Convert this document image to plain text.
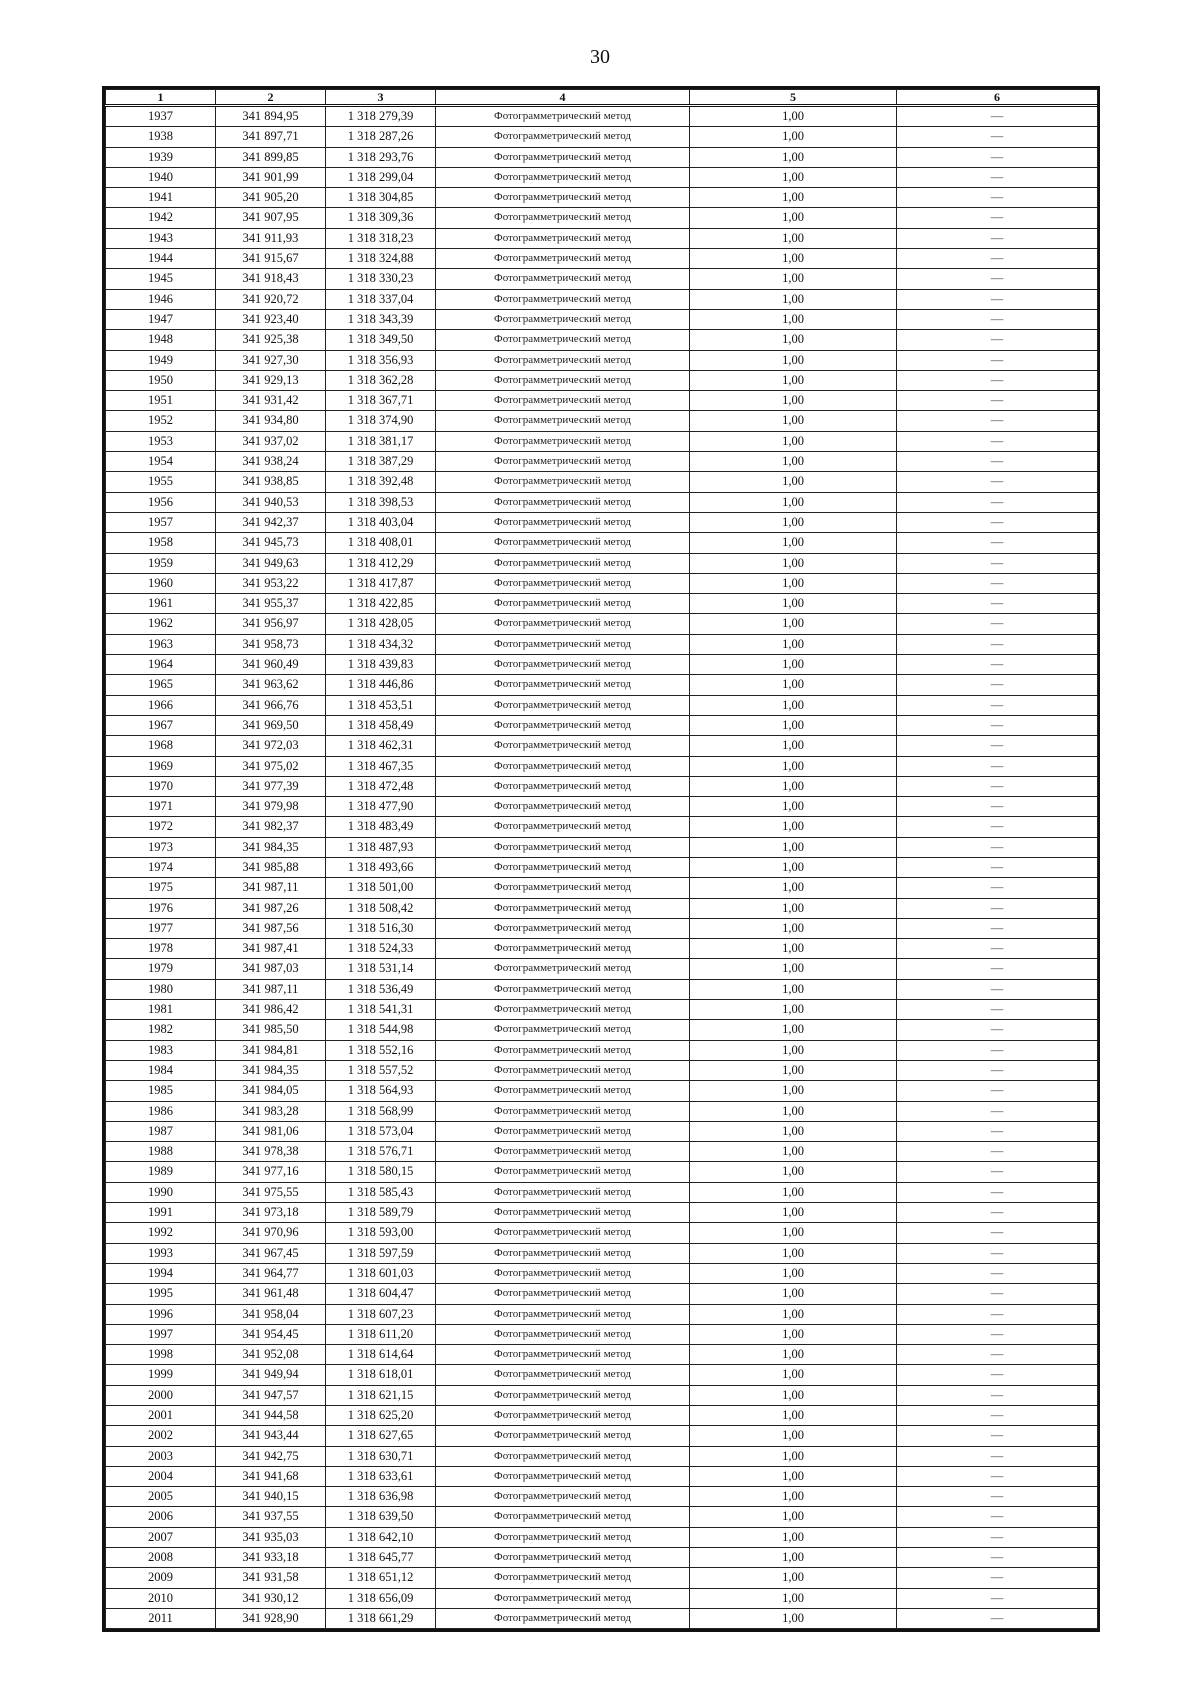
30
1	2	3	4	5	6
1937	341 894,95	1 318 279,39	Фотограмметрический метод	1,00	—
1938	341 897,71	1 318 287,26	Фотограмметрический метод	1,00	—
1939	341 899,85	1 318 293,76	Фотограмметрический метод	1,00	—
1940	341 901,99	1 318 299,04	Фотограмметрический метод	1,00	—
1941	341 905,20	1 318 304,85	Фотограмметрический метод	1,00	—
1942	341 907,95	1 318 309,36	Фотограмметрический метод	1,00	—
1943	341 911,93	1 318 318,23	Фотограмметрический метод	1,00	—
1944	341 915,67	1 318 324,88	Фотограмметрический метод	1,00	—
1945	341 918,43	1 318 330,23	Фотограмметрический метод	1,00	—
1946	341 920,72	1 318 337,04	Фотограмметрический метод	1,00	—
1947	341 923,40	1 318 343,39	Фотограмметрический метод	1,00	—
1948	341 925,38	1 318 349,50	Фотограмметрический метод	1,00	—
1949	341 927,30	1 318 356,93	Фотограмметрический метод	1,00	—
1950	341 929,13	1 318 362,28	Фотограмметрический метод	1,00	—
1951	341 931,42	1 318 367,71	Фотограмметрический метод	1,00	—
1952	341 934,80	1 318 374,90	Фотограмметрический метод	1,00	—
1953	341 937,02	1 318 381,17	Фотограмметрический метод	1,00	—
1954	341 938,24	1 318 387,29	Фотограмметрический метод	1,00	—
1955	341 938,85	1 318 392,48	Фотограмметрический метод	1,00	—
1956	341 940,53	1 318 398,53	Фотограмметрический метод	1,00	—
1957	341 942,37	1 318 403,04	Фотограмметрический метод	1,00	—
1958	341 945,73	1 318 408,01	Фотограмметрический метод	1,00	—
1959	341 949,63	1 318 412,29	Фотограмметрический метод	1,00	—
1960	341 953,22	1 318 417,87	Фотограмметрический метод	1,00	—
1961	341 955,37	1 318 422,85	Фотограмметрический метод	1,00	—
1962	341 956,97	1 318 428,05	Фотограмметрический метод	1,00	—
1963	341 958,73	1 318 434,32	Фотограмметрический метод	1,00	—
1964	341 960,49	1 318 439,83	Фотограмметрический метод	1,00	—
1965	341 963,62	1 318 446,86	Фотограмметрический метод	1,00	—
1966	341 966,76	1 318 453,51	Фотограмметрический метод	1,00	—
1967	341 969,50	1 318 458,49	Фотограмметрический метод	1,00	—
1968	341 972,03	1 318 462,31	Фотограмметрический метод	1,00	—
1969	341 975,02	1 318 467,35	Фотограмметрический метод	1,00	—
1970	341 977,39	1 318 472,48	Фотограмметрический метод	1,00	—
1971	341 979,98	1 318 477,90	Фотограмметрический метод	1,00	—
1972	341 982,37	1 318 483,49	Фотограмметрический метод	1,00	—
1973	341 984,35	1 318 487,93	Фотограмметрический метод	1,00	—
1974	341 985,88	1 318 493,66	Фотограмметрический метод	1,00	—
1975	341 987,11	1 318 501,00	Фотограмметрический метод	1,00	—
1976	341 987,26	1 318 508,42	Фотограмметрический метод	1,00	—
1977	341 987,56	1 318 516,30	Фотограмметрический метод	1,00	—
1978	341 987,41	1 318 524,33	Фотограмметрический метод	1,00	—
1979	341 987,03	1 318 531,14	Фотограмметрический метод	1,00	—
1980	341 987,11	1 318 536,49	Фотограмметрический метод	1,00	—
1981	341 986,42	1 318 541,31	Фотограмметрический метод	1,00	—
1982	341 985,50	1 318 544,98	Фотограмметрический метод	1,00	—
1983	341 984,81	1 318 552,16	Фотограмметрический метод	1,00	—
1984	341 984,35	1 318 557,52	Фотограмметрический метод	1,00	—
1985	341 984,05	1 318 564,93	Фотограмметрический метод	1,00	—
1986	341 983,28	1 318 568,99	Фотограмметрический метод	1,00	—
1987	341 981,06	1 318 573,04	Фотограмметрический метод	1,00	—
1988	341 978,38	1 318 576,71	Фотограмметрический метод	1,00	—
1989	341 977,16	1 318 580,15	Фотограмметрический метод	1,00	—
1990	341 975,55	1 318 585,43	Фотограмметрический метод	1,00	—
1991	341 973,18	1 318 589,79	Фотограмметрический метод	1,00	—
1992	341 970,96	1 318 593,00	Фотограмметрический метод	1,00	—
1993	341 967,45	1 318 597,59	Фотограмметрический метод	1,00	—
1994	341 964,77	1 318 601,03	Фотограмметрический метод	1,00	—
1995	341 961,48	1 318 604,47	Фотограмметрический метод	1,00	—
1996	341 958,04	1 318 607,23	Фотограмметрический метод	1,00	—
1997	341 954,45	1 318 611,20	Фотограмметрический метод	1,00	—
1998	341 952,08	1 318 614,64	Фотограмметрический метод	1,00	—
1999	341 949,94	1 318 618,01	Фотограмметрический метод	1,00	—
2000	341 947,57	1 318 621,15	Фотограмметрический метод	1,00	—
2001	341 944,58	1 318 625,20	Фотограмметрический метод	1,00	—
2002	341 943,44	1 318 627,65	Фотограмметрический метод	1,00	—
2003	341 942,75	1 318 630,71	Фотограмметрический метод	1,00	—
2004	341 941,68	1 318 633,61	Фотограмметрический метод	1,00	—
2005	341 940,15	1 318 636,98	Фотограмметрический метод	1,00	—
2006	341 937,55	1 318 639,50	Фотограмметрический метод	1,00	—
2007	341 935,03	1 318 642,10	Фотограмметрический метод	1,00	—
2008	341 933,18	1 318 645,77	Фотограмметрический метод	1,00	—
2009	341 931,58	1 318 651,12	Фотограмметрический метод	1,00	—
2010	341 930,12	1 318 656,09	Фотограмметрический метод	1,00	—
2011	341 928,90	1 318 661,29	Фотограмметрический метод	1,00	—
